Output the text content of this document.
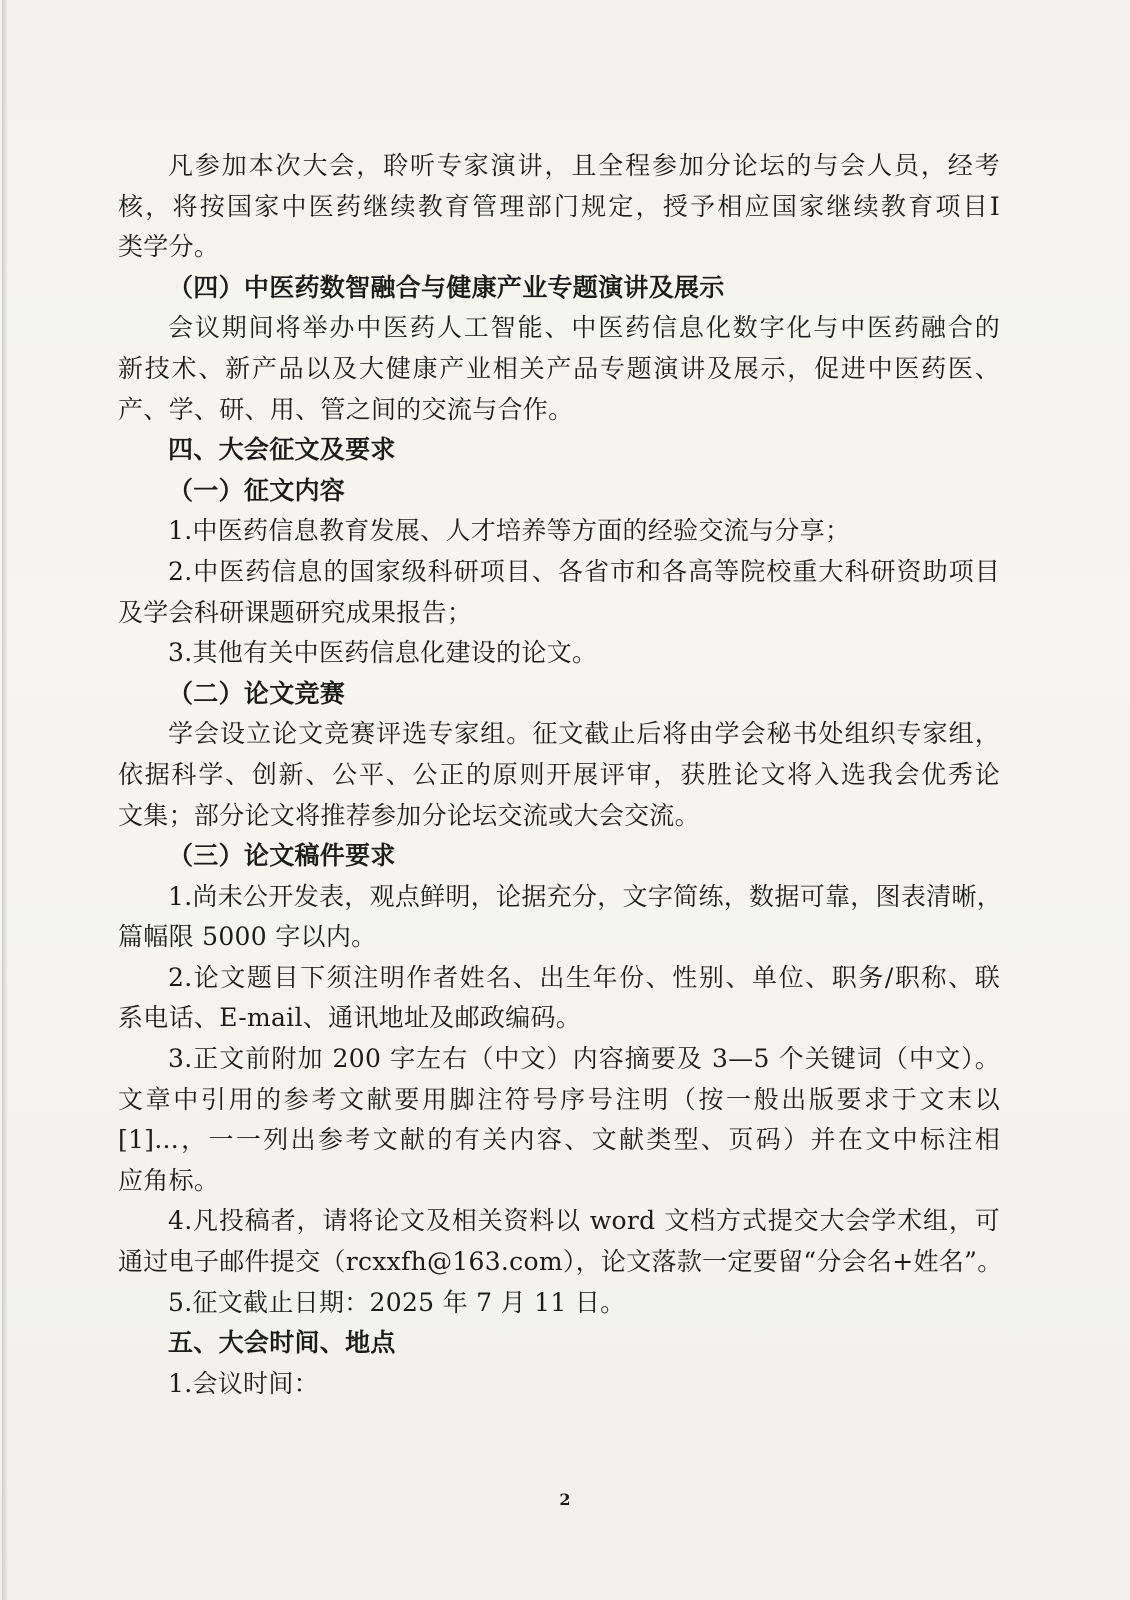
凡参加本次大会，聆听专家演讲，且全程参加分论坛的与会人员，经考
核，将按国家中医药继续教育管理部门规定，授予相应国家继续教育项目Ⅰ
类学分。
（四）中医药数智融合与健康产业专题演讲及展示
会议期间将举办中医药人工智能、中医药信息化数字化与中医药融合的
新技术、新产品以及大健康产业相关产品专题演讲及展示，促进中医药医、
产、学、研、用、管之间的交流与合作。
四、大会征文及要求
（一）征文内容
1.中医药信息教育发展、人才培养等方面的经验交流与分享；
2.中医药信息的国家级科研项目、各省市和各高等院校重大科研资助项目
及学会科研课题研究成果报告；
3.其他有关中医药信息化建设的论文。
（二）论文竞赛
学会设立论文竞赛评选专家组。征文截止后将由学会秘书处组织专家组，
依据科学、创新、公平、公正的原则开展评审，获胜论文将入选我会优秀论
文集；部分论文将推荐参加分论坛交流或大会交流。
（三）论文稿件要求
1.尚未公开发表，观点鲜明，论据充分，文字简练，数据可靠，图表清晰，
篇幅限 5000 字以内。
2.论文题目下须注明作者姓名、出生年份、性别、单位、职务/职称、联
系电话、E-mail、通讯地址及邮政编码。
3.正文前附加 200 字左右（中文）内容摘要及 3—5 个关键词（中文）。
文章中引用的参考文献要用脚注符号序号注明（按一般出版要求于文末以
[1]...，一一列出参考文献的有关内容、文献类型、页码）并在文中标注相
应角标。
4.凡投稿者，请将论文及相关资料以 word 文档方式提交大会学术组，可
通过电子邮件提交（rcxxfh@163.com），论文落款一定要留“分会名+姓名”。
5.征文截止日期：2025 年 7 月 11 日。
五、大会时间、地点
1.会议时间：
2
